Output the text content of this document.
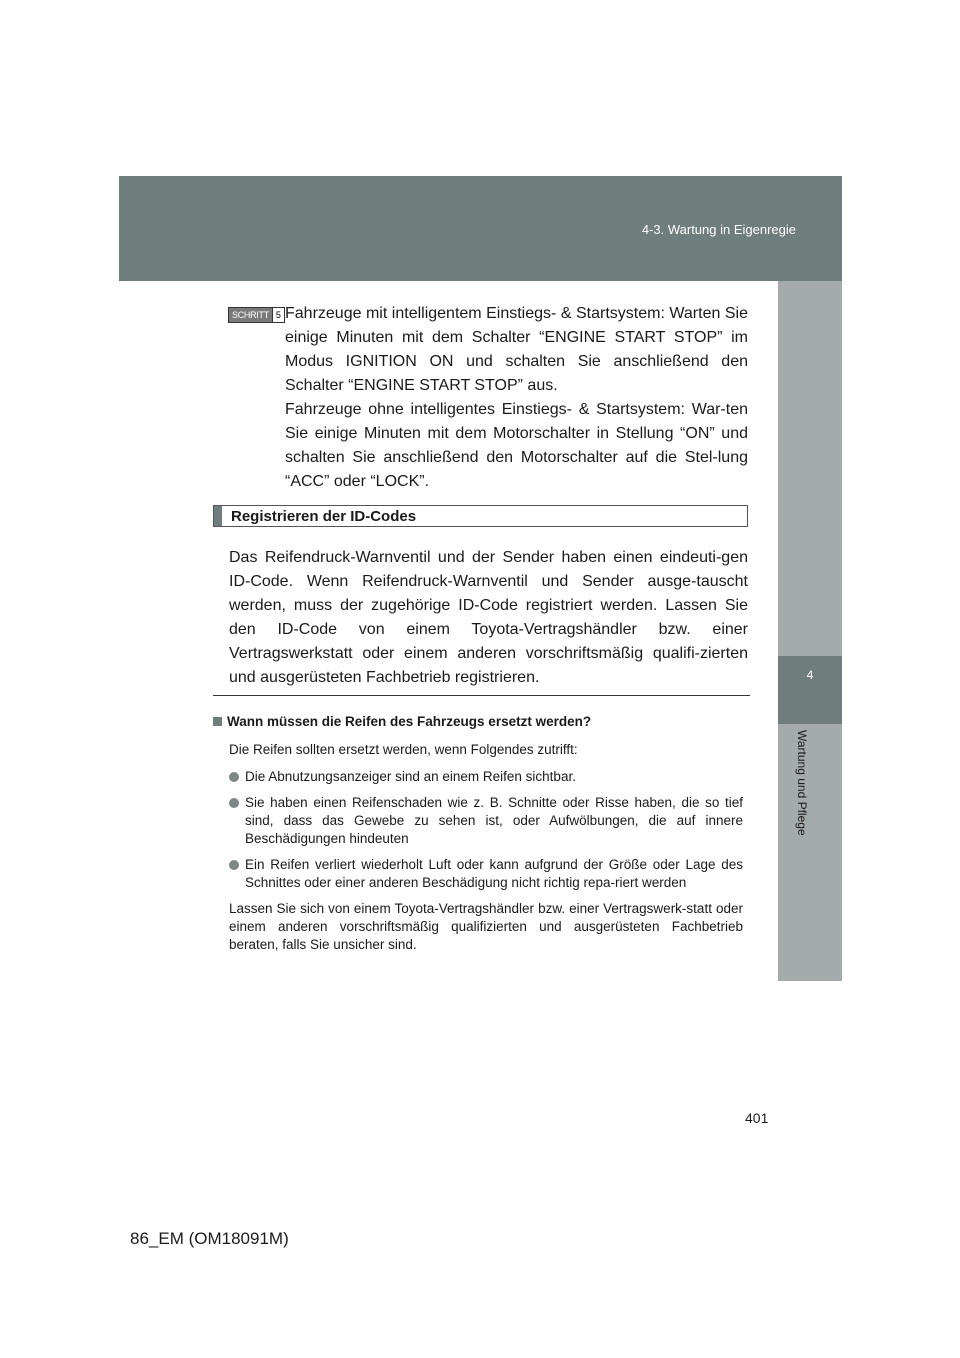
4-3. Wartung in Eigenregie
4
Wartung und Pflege
SCHRITT 5 Fahrzeuge mit intelligentem Einstiegs- & Startsystem: Warten Sie einige Minuten mit dem Schalter “ENGINE START STOP” im Modus IGNITION ON und schalten Sie anschließend den Schalter “ENGINE START STOP” aus.

Fahrzeuge ohne intelligentes Einstiegs- & Startsystem: War-ten Sie einige Minuten mit dem Motorschalter in Stellung “ON” und schalten Sie anschließend den Motorschalter auf die Stel-lung “ACC” oder “LOCK”.

Registrieren der ID-Codes

Das Reifendruck-Warnventil und der Sender haben einen eindeuti-gen ID-Code. Wenn Reifendruck-Warnventil und Sender ausge-tauscht werden, muss der zugehörige ID-Code registriert werden. Lassen Sie den ID-Code von einem Toyota-Vertragshändler bzw. einer Vertragswerkstatt oder einem anderen vorschriftsmäßig qualifi-zierten und ausgerüsteten Fachbetrieb registrieren.

Wann müssen die Reifen des Fahrzeugs ersetzt werden?

Die Reifen sollten ersetzt werden, wenn Folgendes zutrifft:

Die Abnutzungsanzeiger sind an einem Reifen sichtbar.
Sie haben einen Reifenschaden wie z. B. Schnitte oder Risse haben, die so tief sind, dass das Gewebe zu sehen ist, oder Aufwölbungen, die auf innere Beschädigungen hindeuten
Ein Reifen verliert wiederholt Luft oder kann aufgrund der Größe oder Lage des Schnittes oder einer anderen Beschädigung nicht richtig repa-riert werden

Lassen Sie sich von einem Toyota-Vertragshändler bzw. einer Vertragswerk-statt oder einem anderen vorschriftsmäßig qualifizierten und ausgerüsteten Fachbetrieb beraten, falls Sie unsicher sind.

401
86_EM (OM18091M)
